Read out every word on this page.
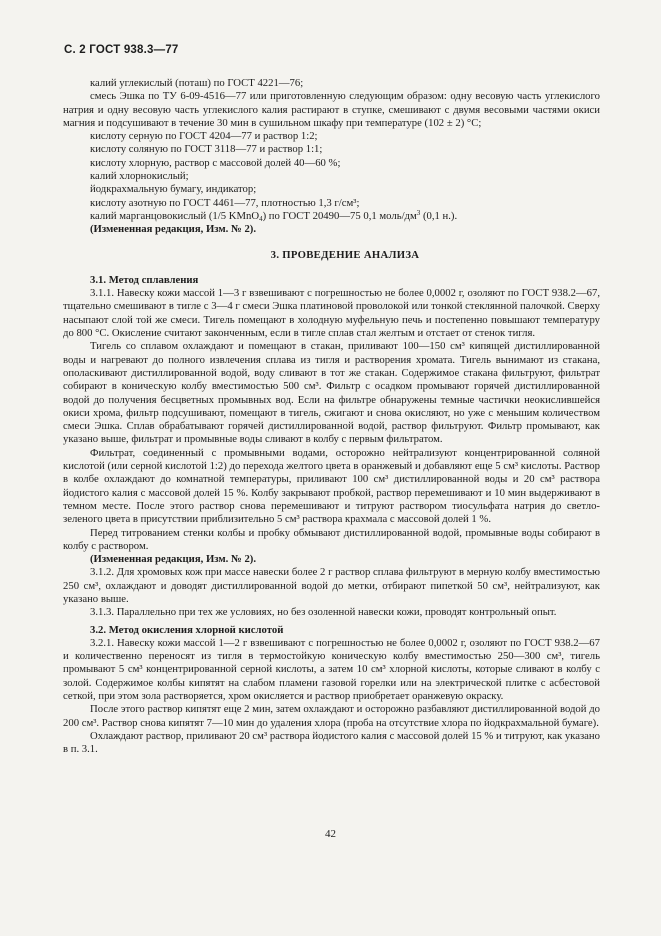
С. 2 ГОСТ 938.3—77

калий углекислый (поташ) по ГОСТ 4221—76;

смесь Эшка по ТУ 6-09-4516—77 или приготовленную следующим образом: одну весовую часть углекислого натрия и одну весовую часть углекислого калия растирают в ступке, смешивают с двумя весовыми частями окиси магния и подсушивают в течение 30 мин в сушильном шкафу при температуре (102 ± 2) °С;

кислоту серную по ГОСТ 4204—77 и раствор 1:2;

кислоту соляную по ГОСТ 3118—77 и раствор 1:1;

кислоту хлорную, раствор с массовой долей 40—60 %;

калий хлорнокислый;

йодкрахмальную бумагу, индикатор;

кислоту азотную по ГОСТ 4461—77, плотностью 1,3 г/см³;

калий марганцовокислый (1/5 KMnO$_4$) по ГОСТ 20490—75 0,1 моль/$дм^3$ (0,1 н.).

(Измененная редакция, Изм. № 2).

3. ПРОВЕДЕНИЕ АНАЛИЗА

3.1. Метод сплавления

3.1.1. Навеску кожи массой 1—3 г взвешивают с погрешностью не более 0,0002 г, озоляют по ГОСТ 938.2—67, тщательно смешивают в тигле с 3—4 г смеси Эшка платиновой проволокой или тонкой стеклянной палочкой. Сверху насыпают слой той же смеси. Тигель помещают в холодную муфельную печь и постепенно повышают температуру до 800 °С. Окисление считают законченным, если в тигле сплав стал желтым и отстает от стенок тигля.

Тигель со сплавом охлаждают и помещают в стакан, приливают 100—150 см³ кипящей дистиллированной воды и нагревают до полного извлечения сплава из тигля и растворения хромата. Тигель вынимают из стакана, ополаскивают дистиллированной водой, воду сливают в тот же стакан. Содержимое стакана фильтруют, фильтрат собирают в коническую колбу вместимостью 500 см³. Фильтр с осадком промывают горячей дистиллированной водой до получения бесцветных промывных вод. Если на фильтре обнаружены темные частички неокислившейся окиси хрома, фильтр подсушивают, помещают в тигель, сжигают и снова окисляют, но уже с меньшим количеством смеси Эшка. Сплав обрабатывают горячей дистиллированной водой, раствор фильтруют. Фильтр промывают, как указано выше, фильтрат и промывные воды сливают в колбу с первым фильтратом.

Фильтрат, соединенный с промывными водами, осторожно нейтрализуют концентрированной соляной кислотой (или серной кислотой 1:2) до перехода желтого цвета в оранжевый и добавляют еще 5 см³ кислоты. Раствор в колбе охлаждают до комнатной температуры, приливают 100 см³ дистиллированной воды и 20 см³ раствора йодистого калия с массовой долей 15 %. Колбу закрывают пробкой, раствор перемешивают и 10 мин выдерживают в темном месте. После этого раствор снова перемешивают и титруют раствором тиосульфата натрия до светло-зеленого цвета в присутствии приблизительно 5 см³ раствора крахмала с массовой долей 1 %.

Перед титрованием стенки колбы и пробку обмывают дистиллированной водой, промывные воды собирают в колбу с раствором.

(Измененная редакция, Изм. № 2).

3.1.2. Для хромовых кож при массе навески более 2 г раствор сплава фильтруют в мерную колбу вместимостью 250 см³, охлаждают и доводят дистиллированной водой до метки, отбирают пипеткой 50 см³, нейтрализуют, как указано выше.

3.1.3. Параллельно при тех же условиях, но без озоленной навески кожи, проводят контрольный опыт.

3.2. Метод окисления хлорной кислотой

3.2.1. Навеску кожи массой 1—2 г взвешивают с погрешностью не более 0,0002 г, озоляют по ГОСТ 938.2—67 и количественно переносят из тигля в термостойкую коническую колбу вместимостью 250—300 см³, тигель промывают 5 см³ концентрированной серной кислоты, а затем 10 см³ хлорной кислоты, которые сливают в колбу с золой. Содержимое колбы кипятят на слабом пламени газовой горелки или на электрической плитке с асбестовой сеткой, при этом зола растворяется, хром окисляется и раствор приобретает оранжевую окраску.

После этого раствор кипятят еще 2 мин, затем охлаждают и осторожно разбавляют дистиллированной водой до 200 см³. Раствор снова кипятят 7—10 мин до удаления хлора (проба на отсутствие хлора по йодкрахмальной бумаге).

Охлаждают раствор, приливают 20 см³ раствора йодистого калия с массовой долей 15 % и титруют, как указано в п. 3.1.

42
